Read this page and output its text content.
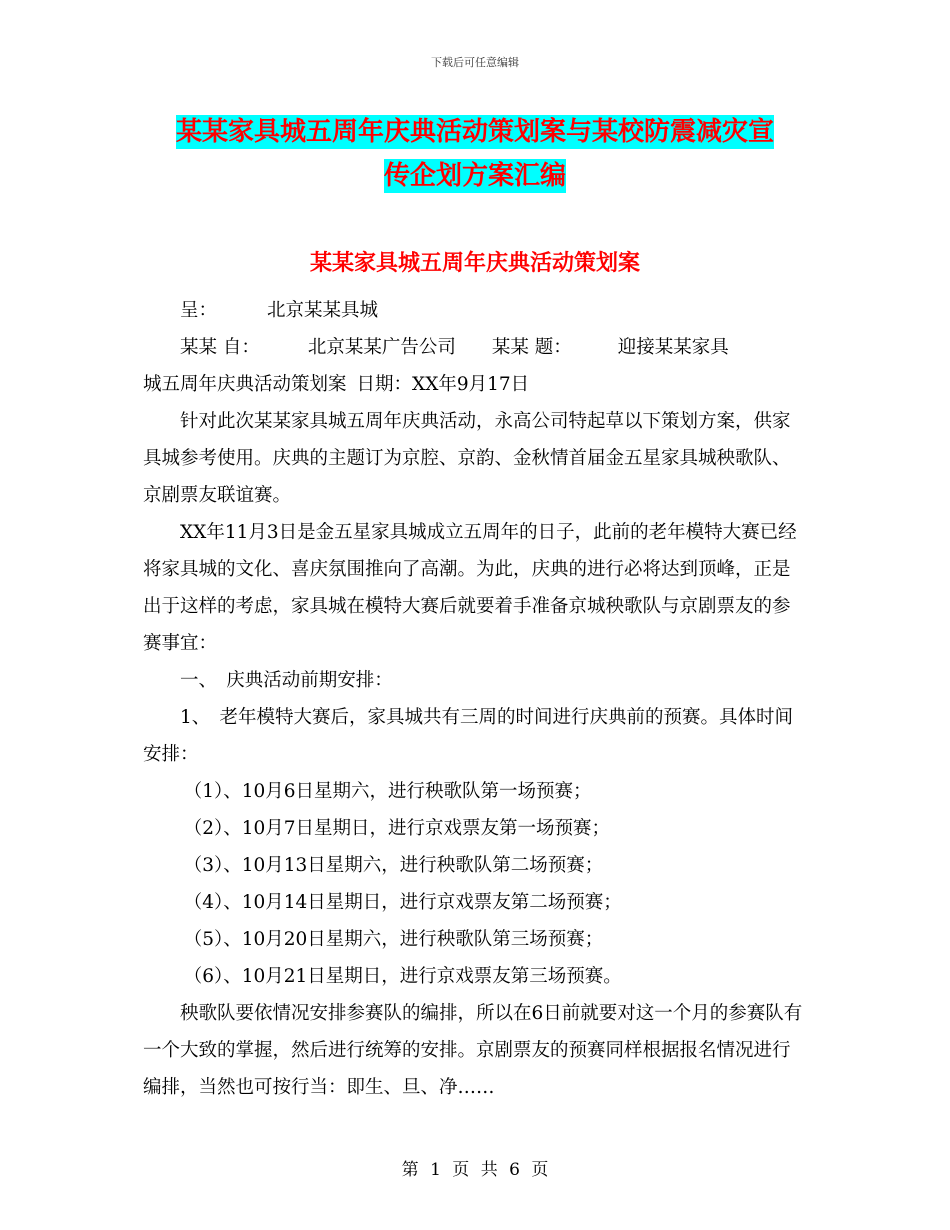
下载后可任意编辑
某某家具城五周年庆典活动策划案与某校防震减灾宣
传企划方案汇编
某某家具城五周年庆典活动策划案

呈：	北京某某具城

某某 自：	北京某某广告公司 某某 题： 迎接某某家具

城五周年庆典活动策划案 日期：XX年9月17日

针对此次某某家具城五周年庆典活动，永高公司特起草以下策划方案，供家具城参考使用。庆典的主题订为京腔、京韵、金秋情首届金五星家具城秧歌队、京剧票友联谊赛。

XX年11月3日是金五星家具城成立五周年的日子，此前的老年模特大赛已经将家具城的文化、喜庆氛围推向了高潮。为此，庆典的进行必将达到顶峰，正是出于这样的考虑，家具城在模特大赛后就要着手准备京城秧歌队与京剧票友的参赛事宜：

一、　庆典活动前期安排：

1、　老年模特大赛后，家具城共有三周的时间进行庆典前的预赛。具体时间安排：

（1）、10月6日星期六，进行秧歌队第一场预赛；

（2）、10月7日星期日，进行京戏票友第一场预赛；

（3）、10月13日星期六，进行秧歌队第二场预赛；

（4）、10月14日星期日，进行京戏票友第二场预赛；

（5）、10月20日星期六，进行秧歌队第三场预赛；

（6）、10月21日星期日，进行京戏票友第三场预赛。

秧歌队要依情况安排参赛队的编排，所以在6日前就要对这一个月的参赛队有一个大致的掌握，然后进行统筹的安排。京剧票友的预赛同样根据报名情况进行编排，当然也可按行当：即生、旦、净……

第 1 页 共 6 页
